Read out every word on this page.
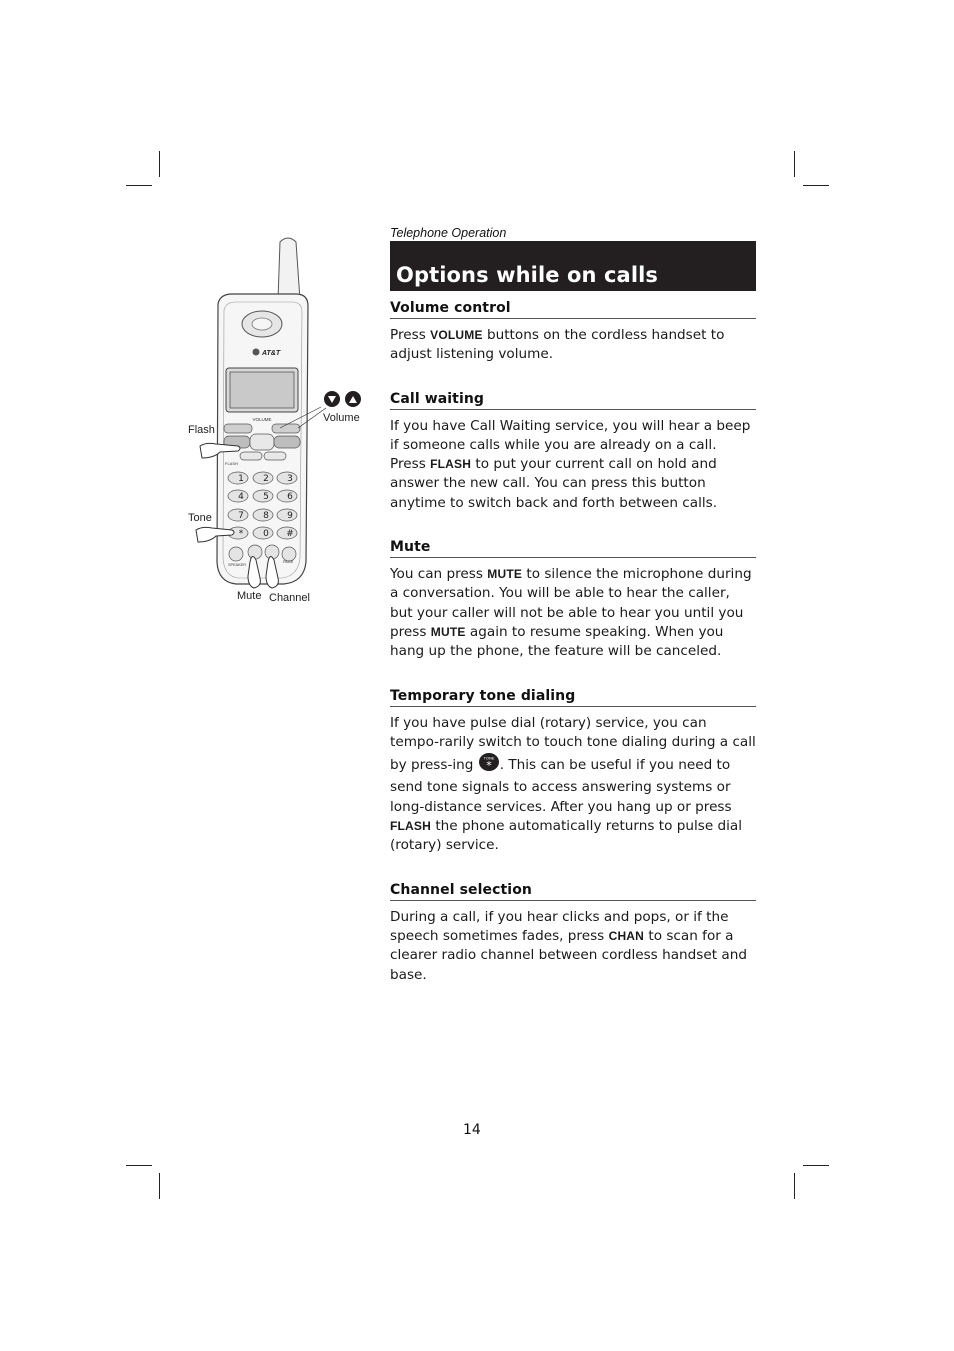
AT&T
VOLUME
FLASH
1 2 3
4 5 6
7 8 9
* 0 #
SPEAKER
PAGE
Flash
Tone
Volume
Mute Channel
Telephone Operation
Options while on calls
Volume control

Press VOLUME buttons on the cordless handset to adjust listening volume.

Call waiting

If you have Call Waiting service, you will hear a beep if someone calls while you are already on a call. Press FLASH to put your current call on hold and answer the new call. You can press this button anytime to switch back and forth between calls.

Mute

You can press MUTE to silence the microphone during a conversation. You will be able to hear the caller, but your caller will not be able to hear you until you press MUTE again to resume speaking. When you hang up the phone, the feature will be canceled.

Temporary tone dialing

If you have pulse dial (rotary) service, you can tempo-rarily switch to touch tone dialing during a call by press-ing TONE
* . This can be useful if you need to send tone signals to access answering systems or long-distance services. After you hang up or press FLASH the phone automatically returns to pulse dial (rotary) service.

Channel selection

During a call, if you hear clicks and pops, or if the speech sometimes fades, press CHAN to scan for a clearer radio channel between cordless handset and base.

14
